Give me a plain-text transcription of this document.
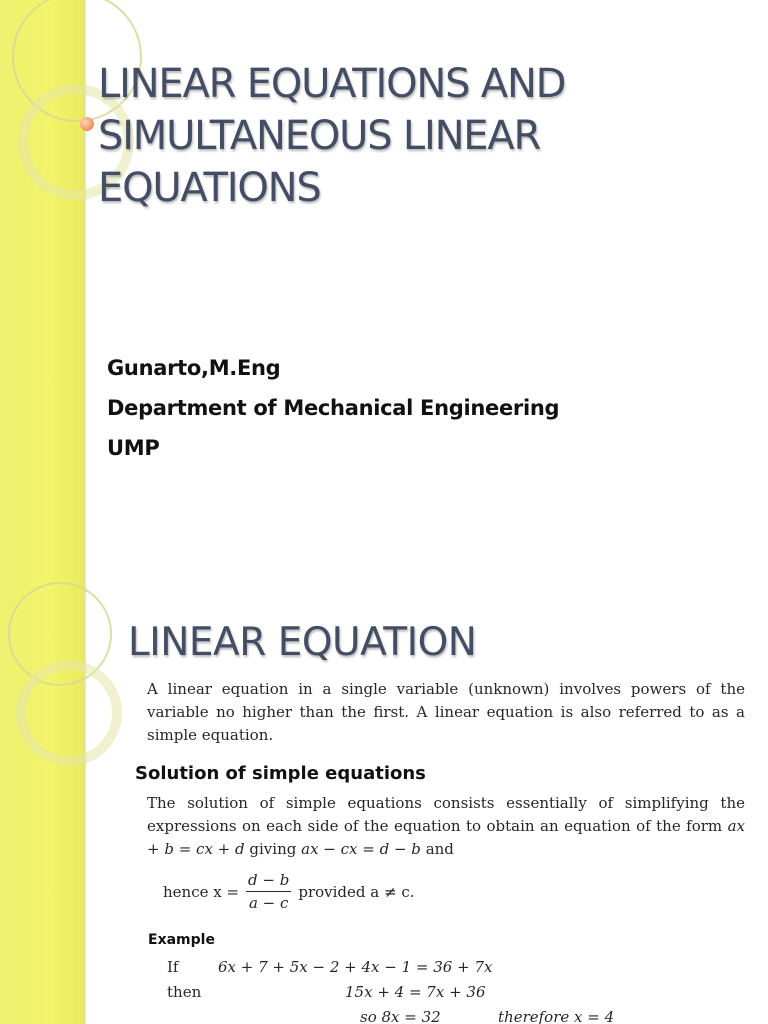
LINEAR EQUATIONS AND SIMULTANEOUS LINEAR EQUATIONS
Gunarto,M.Eng
Department of Mechanical Engineering
UMP
LINEAR EQUATION

A linear equation in a single variable (unknown) involves powers of the variable no higher than the first. A linear equation is also referred to as a simple equation.

Solution of simple equations

The solution of simple equations consists essentially of simplifying the expressions on each side of the equation to obtain an equation of the form ax + b = cx + d giving ax − cx = d − b and

hence $x = \frac{d - b}{a - c}$ provided a ≠ c.
Example
If	6x + 7 + 5x − 2 + 4x − 1 = 36 + 7x
then	15x + 4 = 7x + 36
so 8x = 32	therefore x = 4
